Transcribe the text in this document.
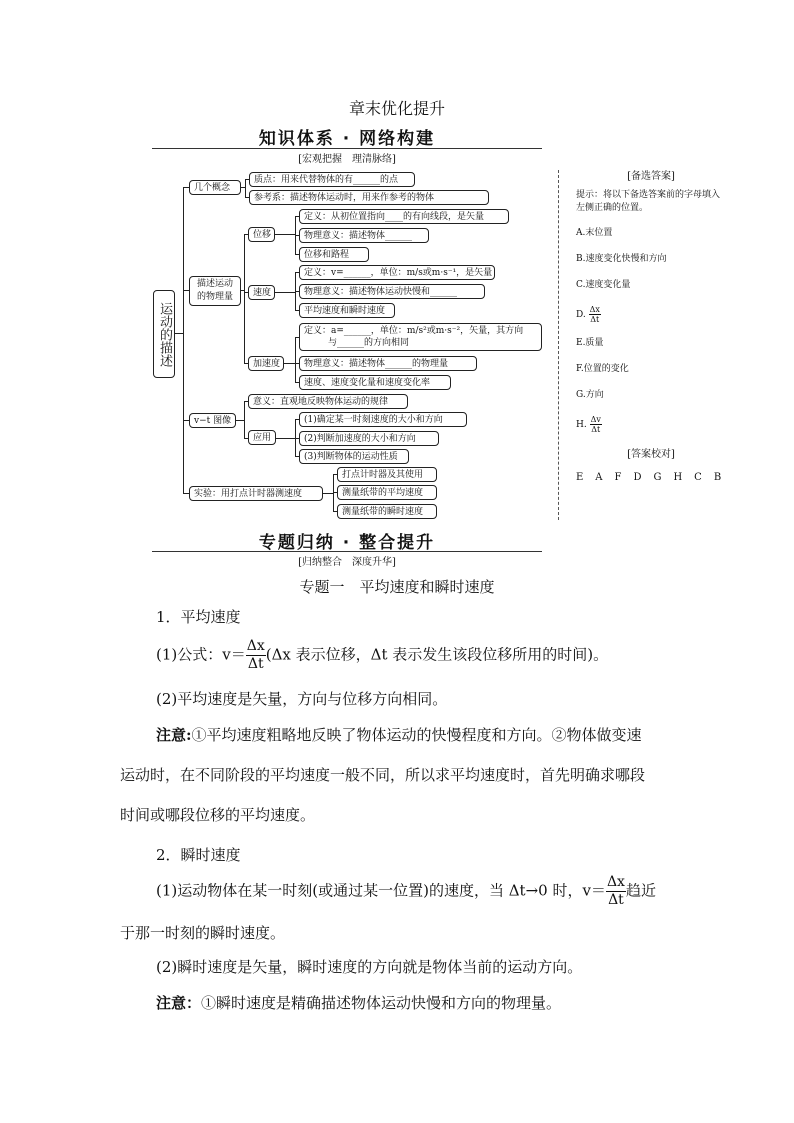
章末优化提升
知识体系 · 网络构建
[宏观把握　理清脉络]
运动的描述
几个概念
质点：用来代替物体的有______的点
参考系：描述物体运动时，用来作参考的物体
描述运动的物理量
位移
定义：从初位置指向____的有向线段，是矢量
物理意义：描述物体______
位移和路程
速度
定义：v=______，单位：m/s或m·s⁻¹，是矢量
物理意义：描述物体运动快慢和______
平均速度和瞬时速度
加速度
定义：a=______，单位：m/s²或m·s⁻²，矢量，其方向
与______的方向相同
物理意义：描述物体______的物理量
速度、速度变化量和速度变化率
v−t 图像
意义：直观地反映物体运动的规律
应用
(1)确定某一时刻速度的大小和方向
(2)判断加速度的大小和方向
(3)判断物体的运动性质
实验：用打点计时器测速度
打点计时器及其使用
测量纸带的平均速度
测量纸带的瞬时速度
[备选答案]
提示：将以下备选答案前的字母填入左侧正确的位置。
A.末位置
B.速度变化快慢和方向
C.速度变化量
D. $\frac{\Delta x}{\Delta t}$
E.质量
F.位置的变化
G.方向
H. $\frac{\Delta v}{\Delta t}$
[答案校对]
E　A　F　D　G　H　C　B
专题归纳 · 整合提升
[归纳整合　深度升华]
专题一　平均速度和瞬时速度
1．平均速度
(1)公式：$v= \frac{\Delta x}{\Delta t} (\Delta x$ 表示位移，Δt 表示发生该段位移所用的时间)。
(2)平均速度是矢量，方向与位移方向相同。
注意:①平均速度粗略地反映了物体运动的快慢程度和方向。②物体做变速
运动时，在不同阶段的平均速度一般不同，所以求平均速度时，首先明确求哪段
时间或哪段位移的平均速度。
2．瞬时速度
(1)运动物体在某一时刻(或通过某一位置)的速度，当 Δt→0 时，$v= \frac{\Delta x}{\Delta t}$ 趋近
于那一时刻的瞬时速度。
(2)瞬时速度是矢量，瞬时速度的方向就是物体当前的运动方向。
注意：①瞬时速度是精确描述物体运动快慢和方向的物理量。
